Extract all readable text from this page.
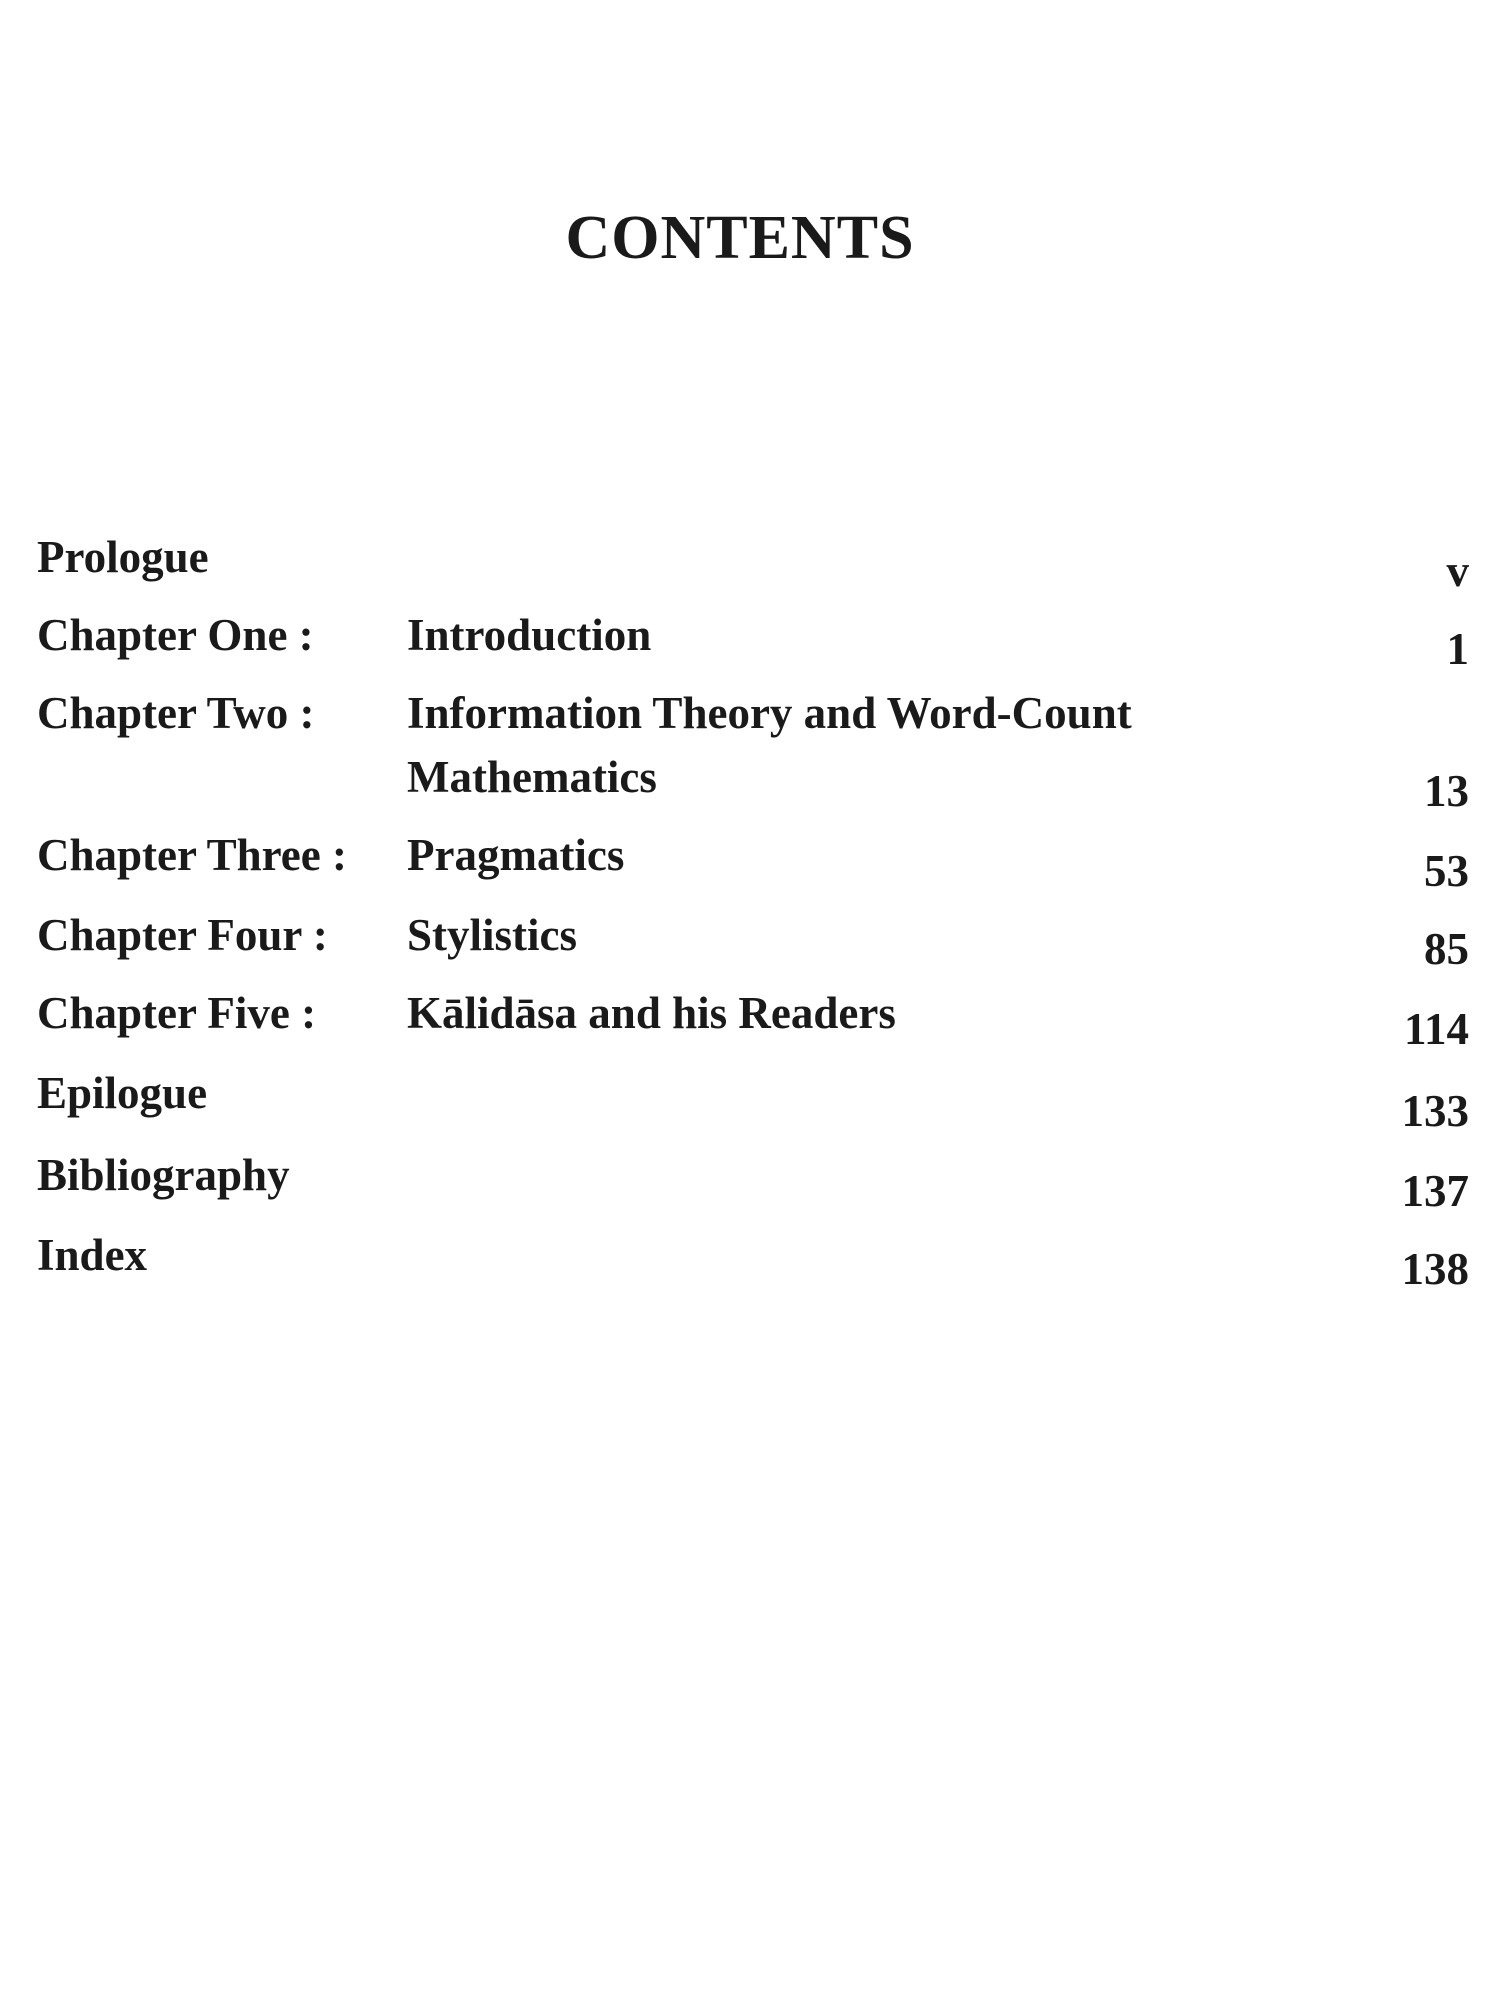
CONTENTS
Prologue	v
Chapter One : Introduction	1
Chapter Two : Information Theory and Word-Count Mathematics	13
Chapter Three : Pragmatics	53
Chapter Four : Stylistics	85
Chapter Five : Kālidāsa and his Readers	114
Epilogue	133
Bibliography	137
Index	138
